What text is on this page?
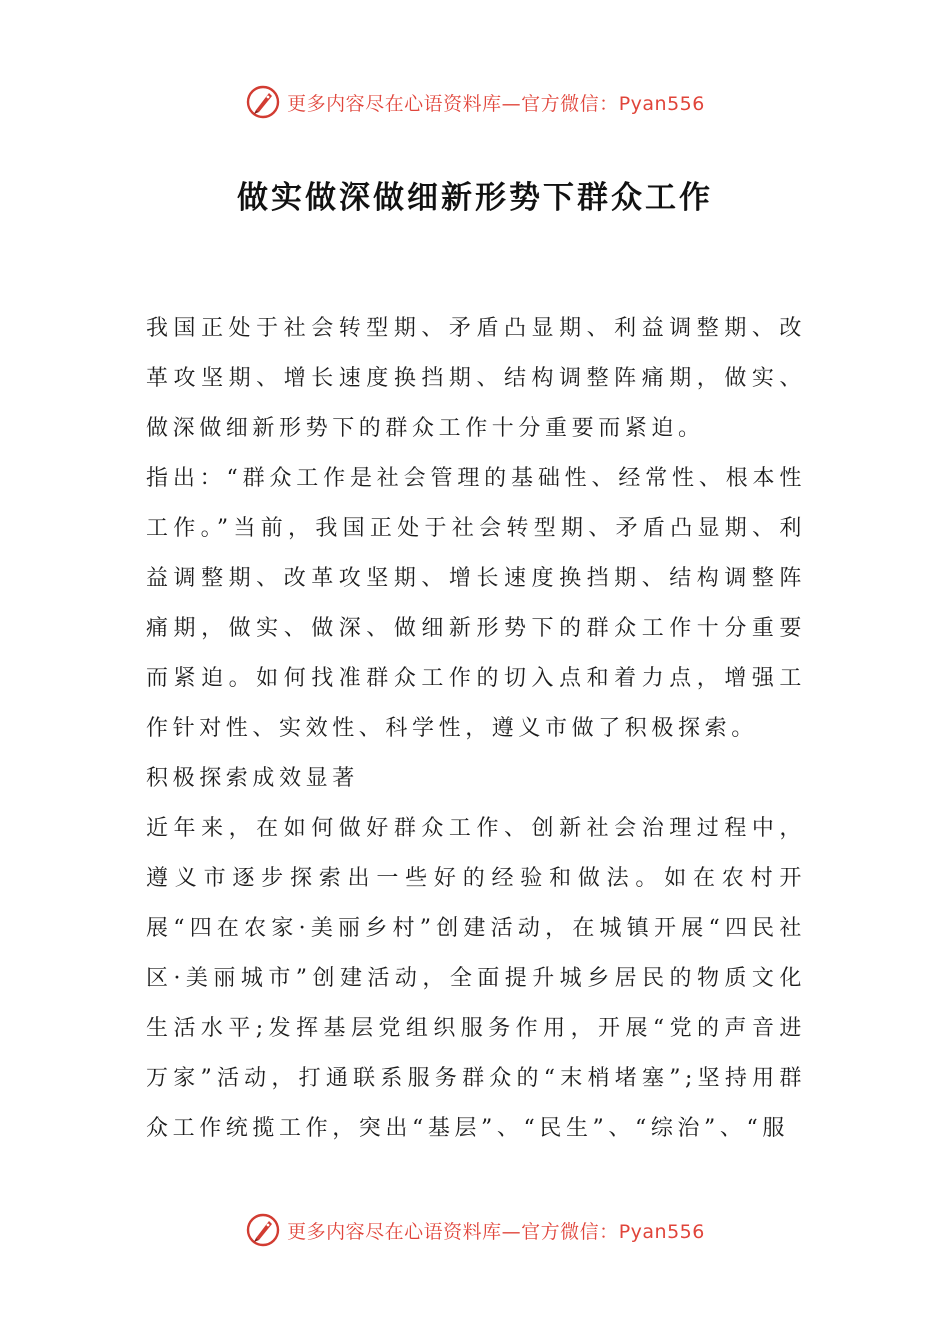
更多内容尽在心语资料库—官方微信：Pyan556
做实做深做细新形势下群众工作

我国正处于社会转型期、矛盾凸显期、利益调整期、改革攻坚期、增长速度换挡期、结构调整阵痛期，做实、做深做细新形势下的群众工作十分重要而紧迫。

指出：“群众工作是社会管理的基础性、经常性、根本性工作。”当前，我国正处于社会转型期、矛盾凸显期、利益调整期、改革攻坚期、增长速度换挡期、结构调整阵痛期，做实、做深、做细新形势下的群众工作十分重要而紧迫。如何找准群众工作的切入点和着力点，增强工作针对性、实效性、科学性，遵义市做了积极探索。

积极探索成效显著

近年来，在如何做好群众工作、创新社会治理过程中，遵义市逐步探索出一些好的经验和做法。如在农村开展“四在农家·美丽乡村”创建活动，在城镇开展“四民社区·美丽城市”创建活动，全面提升城乡居民的物质文化生活水平;发挥基层党组织服务作用，开展“党的声音进万家”活动，打通联系服务群众的“末梢堵塞”;坚持用群众工作统揽工作，突出“基层”、“民生”、“综治”、“服

更多内容尽在心语资料库—官方微信：Pyan556
